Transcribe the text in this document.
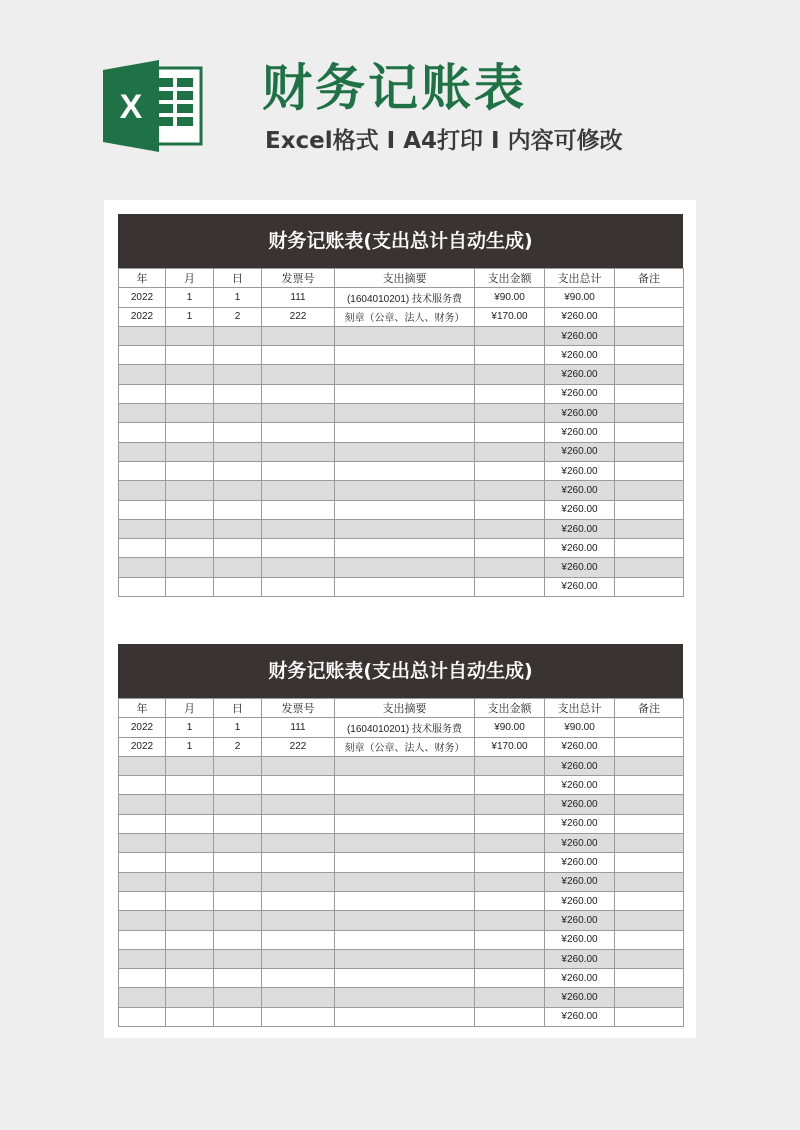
X 财务记账表

Excel格式 I A4打印 I 内容可修改

财务记账表(支出总计自动生成)
年	月	日	发票号	支出摘要	支出金额	支出总计	备注
2022	1	1	111	(1604010201) 技术服务费	¥90.00	¥90.00	
2022	1	2	222	刻章（公章、法人、财务）	¥170.00	¥260.00	
						¥260.00	
						¥260.00	
						¥260.00	
						¥260.00	
						¥260.00	
						¥260.00	
						¥260.00	
						¥260.00	
						¥260.00	
						¥260.00	
						¥260.00	
						¥260.00	
						¥260.00	
						¥260.00	
财务记账表(支出总计自动生成)
年	月	日	发票号	支出摘要	支出金额	支出总计	备注
2022	1	1	111	(1604010201) 技术服务费	¥90.00	¥90.00	
2022	1	2	222	刻章（公章、法人、财务）	¥170.00	¥260.00	
						¥260.00	
						¥260.00	
						¥260.00	
						¥260.00	
						¥260.00	
						¥260.00	
						¥260.00	
						¥260.00	
						¥260.00	
						¥260.00	
						¥260.00	
						¥260.00	
						¥260.00	
						¥260.00	
